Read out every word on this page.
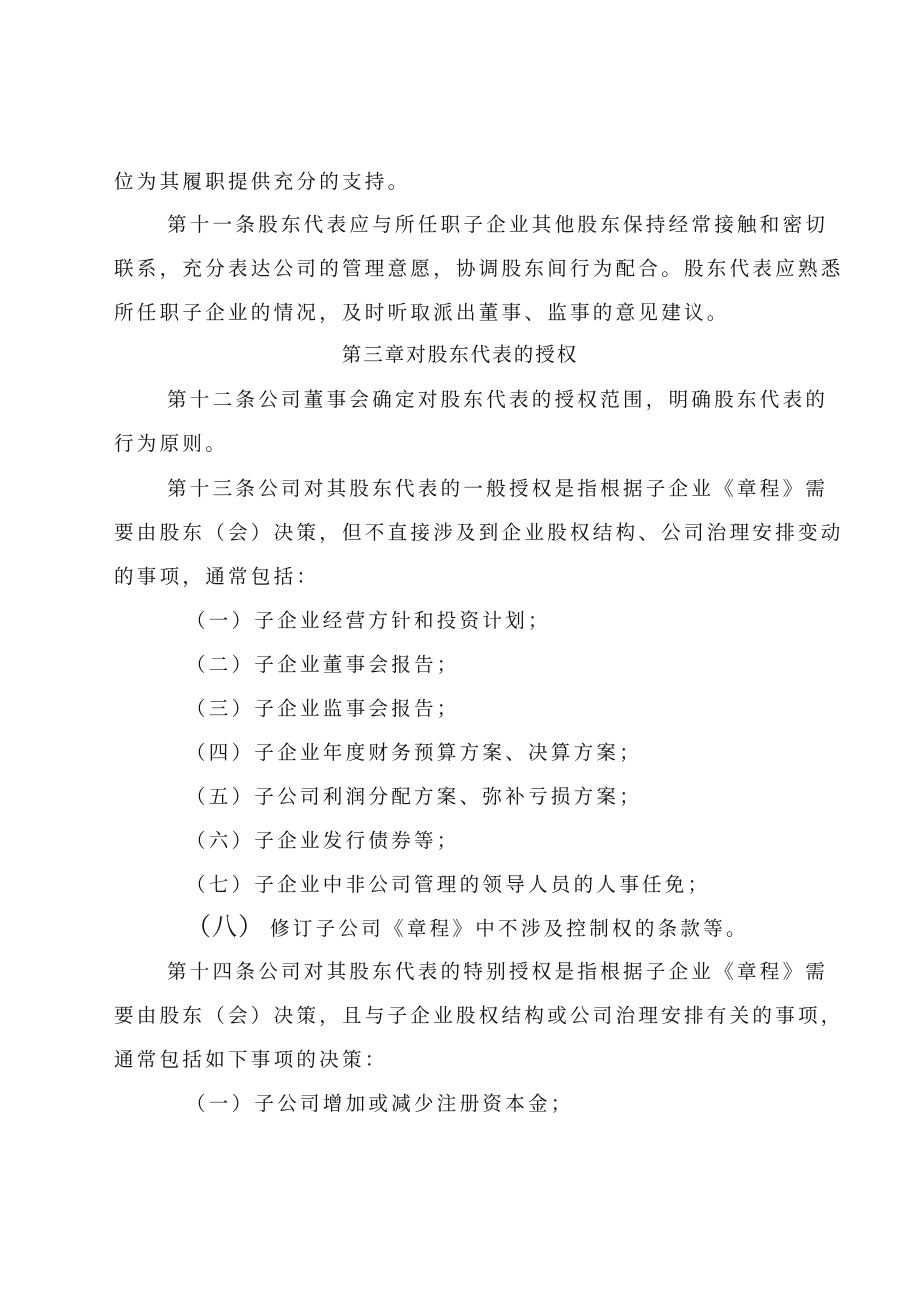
位为其履职提供充分的支持。
第十一条股东代表应与所任职子企业其他股东保持经常接触和密切
联系，充分表达公司的管理意愿，协调股东间行为配合。股东代表应熟悉
所任职子企业的情况，及时听取派出董事、监事的意见建议。
第三章对股东代表的授权
第十二条公司董事会确定对股东代表的授权范围，明确股东代表的
行为原则。
第十三条公司对其股东代表的一般授权是指根据子企业《章程》需
要由股东（会）决策，但不直接涉及到企业股权结构、公司治理安排变动
的事项，通常包括：
（一）子企业经营方针和投资计划；
（二）子企业董事会报告；
（三）子企业监事会报告；
（四）子企业年度财务预算方案、决算方案；
（五）子公司利润分配方案、弥补亏损方案；
（六）子企业发行债券等；
（七）子企业中非公司管理的领导人员的人事任免；
（八） 修订子公司《章程》中不涉及控制权的条款等。
第十四条公司对其股东代表的特别授权是指根据子企业《章程》需
要由股东（会）决策，且与子企业股权结构或公司治理安排有关的事项，
通常包括如下事项的决策：
（一）子公司增加或减少注册资本金；
